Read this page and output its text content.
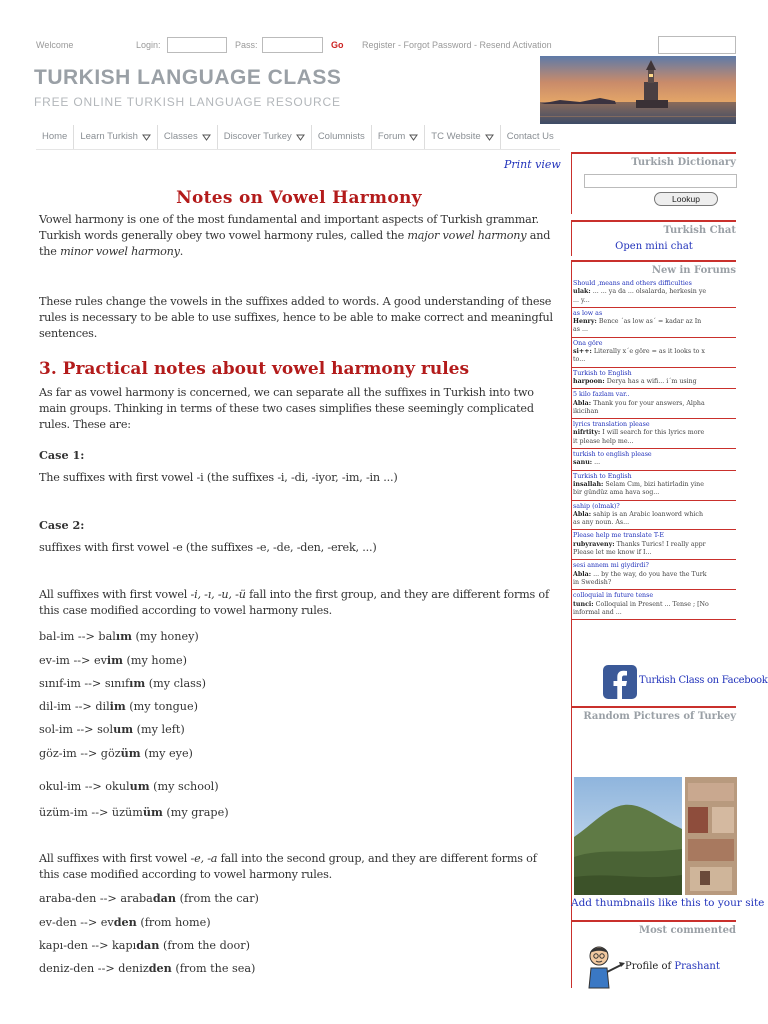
Welcome	Login:	Pass:	Go Register - Forgot Password - Resend Activation
TURKISH LANGUAGE CLASS
FREE ONLINE TURKISH LANGUAGE RESOURCE
Home Learn Turkish	Classes	Discover Turkey	Columnists Forum	TC Website	Contact Us
Print view
Notes on Vowel Harmony
Vowel harmony is one of the most fundamental and important aspects of Turkish grammar. Turkish words generally obey two vowel harmony rules, called the major vowel harmony and the minor vowel harmony.
These rules change the vowels in the suffixes added to words. A good understanding of these rules is necessary to be able to use suffixes, hence to be able to make correct and meaningful sentences.
3. Practical notes about vowel harmony rules
As far as vowel harmony is concerned, we can separate all the suffixes in Turkish into two main groups. Thinking in terms of these two cases simplifies these seemingly complicated rules. These are:
Case 1:
The suffixes with first vowel -i (the suffixes -i, -di, -iyor, -im, -in ...)
Case 2:
suffixes with first vowel -e (the suffixes -e, -de, -den, -erek, ...)
All suffixes with first vowel -i, -ı, -u, -ü fall into the first group, and they are different forms of this case modified according to vowel harmony rules.
bal-im --> balım (my honey)
ev-im --> evim (my home)
sınıf-im --> sınıfım (my class)
dil-im --> dilim (my tongue)
sol-im --> solum (my left)
göz-im --> gözüm (my eye)
okul-im --> okulum (my school)
üzüm-im --> üzümüm (my grape)
All suffixes with first vowel -e, -a fall into the second group, and they are different forms of this case modified according to vowel harmony rules.
araba-den --> arabadan (from the car)
ev-den --> evden (from home)
kapı-den --> kapıdan (from the door)
deniz-den --> denizden (from the sea)
Turkish Dictionary
Lookup
Turkish Chat
Open mini chat
New in Forums
Should ,means and others difficulties
ulak: ... ... ya da ... olsalarda, herkesin ye
... y...
as low as
Henry: Bence ´as low as´ = kadar az In
as ...
Ona göre
si++: Literally x´e göre = as it looks to x
to...
Turkish to English
harpoon: Derya has a wifi... i´m using
5 kilo fazlam var..
Abla: Thank you for your answers, Alpha
ikicihan
lyrics translation please
nifrtity: I will search for this lyrics more
it please help me...
turkish to english please
sanu: ...
Turkish to English
insallah: Selam Cım, bizi hatirladin yine
bir gündüz ama hava sog...
sahip (olmak)?
Abla: sahip is an Arabic loanword which
as any noun. As...
Please help me translate T-E
rubyraveny: Thanks Turics! I really appr
Please let me know if I...
sesi annem mi giydirdi?
Abla: ... by the way, do you have the Turk
in Swedish?
colloquial in future tense
tunci: Colloquial in Present ... Tense ; [No
informal and ...
Turkish Class on Facebook
Random Pictures of Turkey
Add thumbnails like this to your site
Most commented
Profile of Prashant
